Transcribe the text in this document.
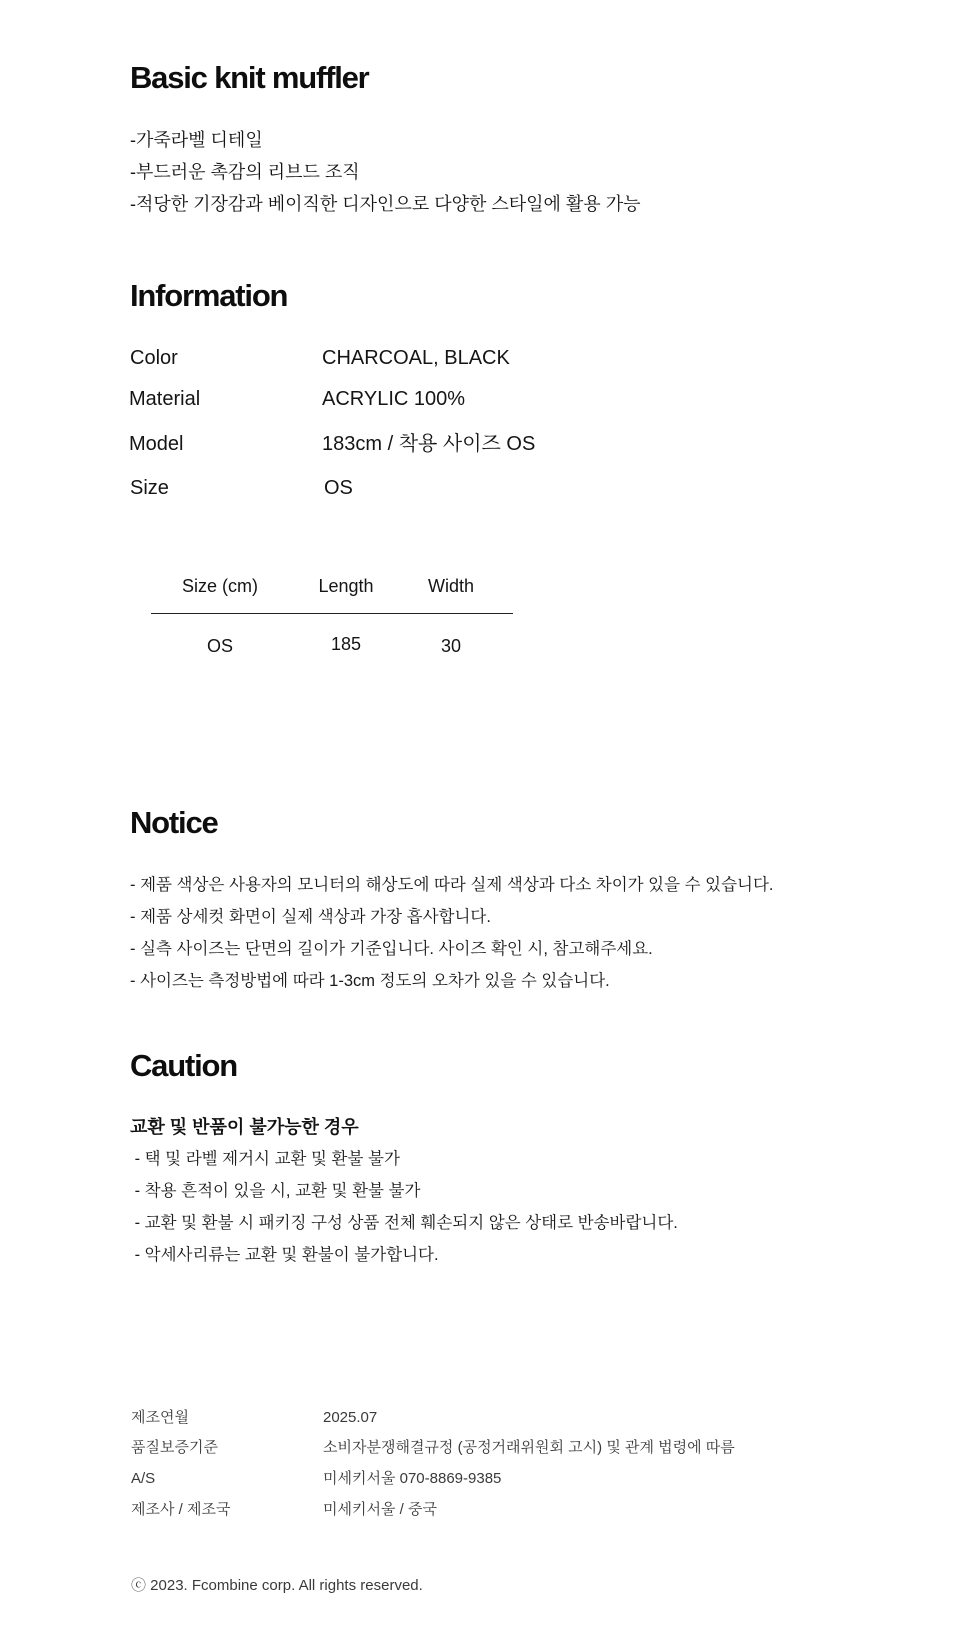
Basic knit muffler
-가죽라벨 디테일
-부드러운 촉감의 리브드 조직
-적당한 기장감과 베이직한 디자인으로 다양한 스타일에 활용 가능
Information
Color	CHARCOAL, BLACK
Material	ACRYLIC 100%
Model	183cm / 착용 사이즈 OS
Size	OS
Size (cm)	Length	Width
OS	185	30
Notice
- 제품 색상은 사용자의 모니터의 해상도에 따라 실제 색상과 다소 차이가 있을 수 있습니다.
- 제품 상세컷 화면이 실제 색상과 가장 흡사합니다.
- 실측 사이즈는 단면의 길이가 기준입니다. 사이즈 확인 시, 참고해주세요.
- 사이즈는 측정방법에 따라 1-3cm 정도의 오차가 있을 수 있습니다.
Caution
교환 및 반품이 불가능한 경우
- 택 및 라벨 제거시 교환 및 환불 불가
- 착용 흔적이 있을 시, 교환 및 환불 불가
- 교환 및 환불 시 패키징 구성 상품 전체 훼손되지 않은 상태로 반송바랍니다.
- 악세사리류는 교환 및 환불이 불가합니다.
제조연월	2025.07
품질보증기준	소비자분쟁해결규정 (공정거래위원회 고시) 및 관계 법령에 따름
A/S	미세키서울 070-8869-9385
제조사 / 제조국	미세키서울 / 중국
ⓒ 2023. Fcombine corp. All rights reserved.
